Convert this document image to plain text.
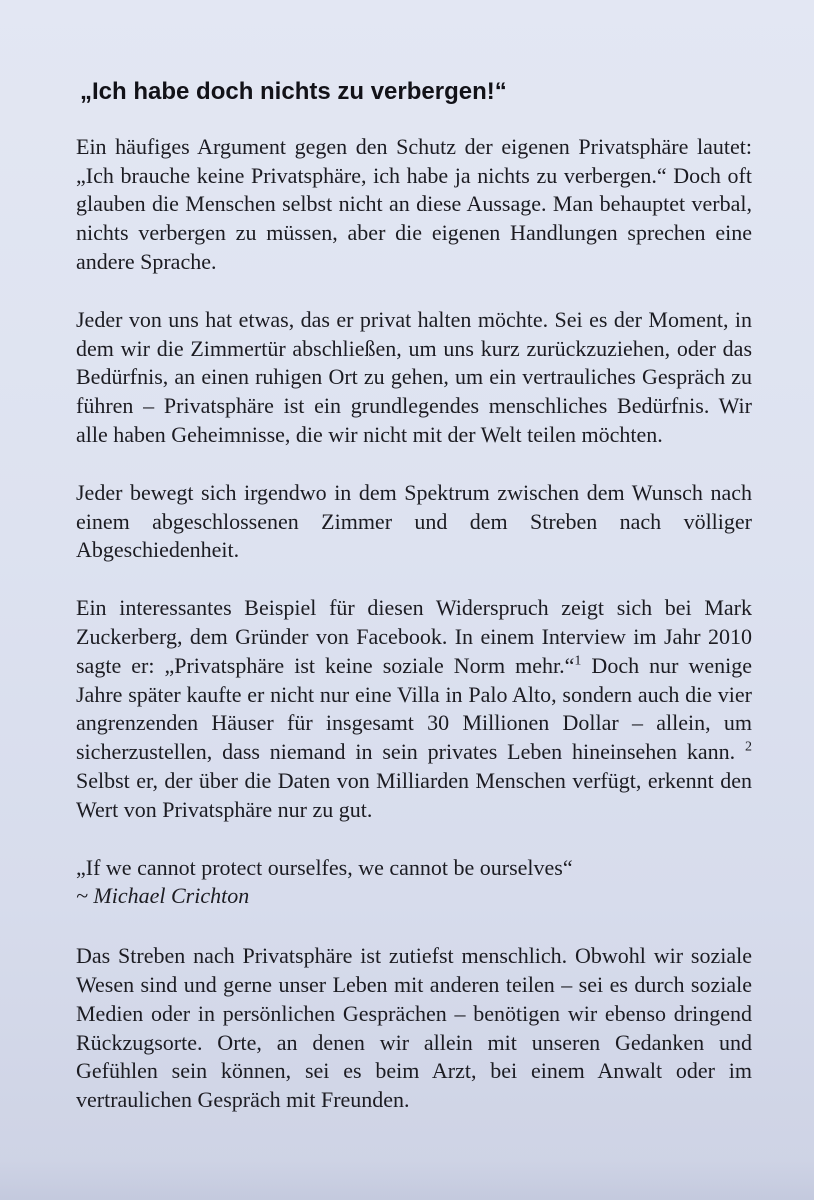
„Ich habe doch nichts zu verbergen!“

Ein häufiges Argument gegen den Schutz der eigenen Privatsphäre lautet: „Ich brauche keine Privatsphäre, ich habe ja nichts zu verbergen.“ Doch oft glauben die Menschen selbst nicht an diese Aussage. Man behauptet verbal, nichts verbergen zu müssen, aber die eigenen Handlungen sprechen eine andere Sprache.

Jeder von uns hat etwas, das er privat halten möchte. Sei es der Moment, in dem wir die Zimmertür abschließen, um uns kurz zurückzuziehen, oder das Bedürfnis, an einen ruhigen Ort zu gehen, um ein vertrauliches Gespräch zu führen – Privatsphäre ist ein grundlegendes menschliches Bedürfnis. Wir alle haben Geheimnisse, die wir nicht mit der Welt teilen möchten.

Jeder bewegt sich irgendwo in dem Spektrum zwischen dem Wunsch nach einem abgeschlossenen Zimmer und dem Streben nach völliger Abgeschiedenheit.

Ein interessantes Beispiel für diesen Widerspruch zeigt sich bei Mark Zuckerberg, dem Gründer von Facebook. In einem Interview im Jahr 2010 sagte er: „Privatsphäre ist keine soziale Norm mehr.“$^1$ Doch nur wenige Jahre später kaufte er nicht nur eine Villa in Palo Alto, sondern auch die vier angrenzenden Häuser für insgesamt 30 Millionen Dollar – allein, um sicherzustellen, dass niemand in sein privates Leben hineinsehen kann. $^2$ Selbst er, der über die Daten von Milliarden Menschen verfügt, erkennt den Wert von Privatsphäre nur zu gut.

„If we cannot protect ourselfes, we cannot be ourselves“

~ Michael Crichton

Das Streben nach Privatsphäre ist zutiefst menschlich. Obwohl wir soziale Wesen sind und gerne unser Leben mit anderen teilen – sei es durch soziale Medien oder in persönlichen Gesprächen – benötigen wir ebenso dringend Rückzugsorte. Orte, an denen wir allein mit unseren Gedanken und Gefühlen sein können, sei es beim Arzt, bei einem Anwalt oder im vertraulichen Gespräch mit Freunden.
